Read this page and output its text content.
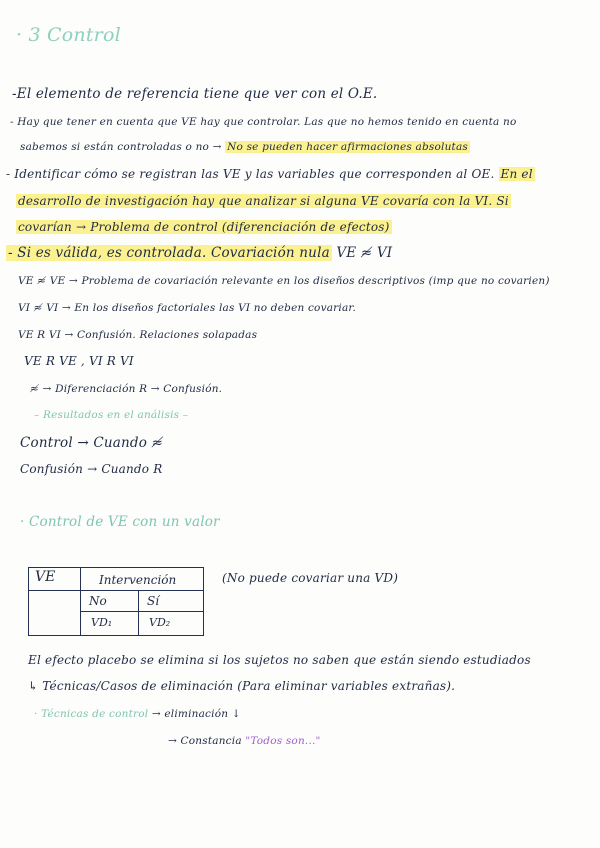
· 3 Control
-El elemento de referencia tiene que ver con el O.E.
- Hay que tener en cuenta que VE hay que controlar. Las que no hemos tenido en cuenta no
sabemos si están controladas o no → No se pueden hacer afirmaciones absolutas
- Identificar cómo se registran las VE y las variables que corresponden al OE. En el
desarrollo de investigación hay que analizar si alguna VE covaría con la VI. Si
covarían → Problema de control (diferenciación de efectos)
- Si es válida, es controlada. Covariación nula VE ≉ VI
VE ≉ VE → Problema de covariación relevante en los diseños descriptivos (imp que no covarien)
VI ≉ VI → En los diseños factoriales las VI no deben covariar.
VE R VI → Confusión. Relaciones solapadas
VE R VE , VI R VI
≉ → Diferenciación R → Confusión.
– Resultados en el análisis –
Control → Cuando ≉
Confusión → Cuando R
· Control de VE con un valor
VE	Intervención
No	Sí
VD₁	VD₂
(No puede covariar una VD)
El efecto placebo se elimina si los sujetos no saben que están siendo estudiados
↳ Técnicas/Casos de eliminación (Para eliminar variables extrañas).
· Técnicas de control → eliminación ↓
→ Constancia "Todos son..."
